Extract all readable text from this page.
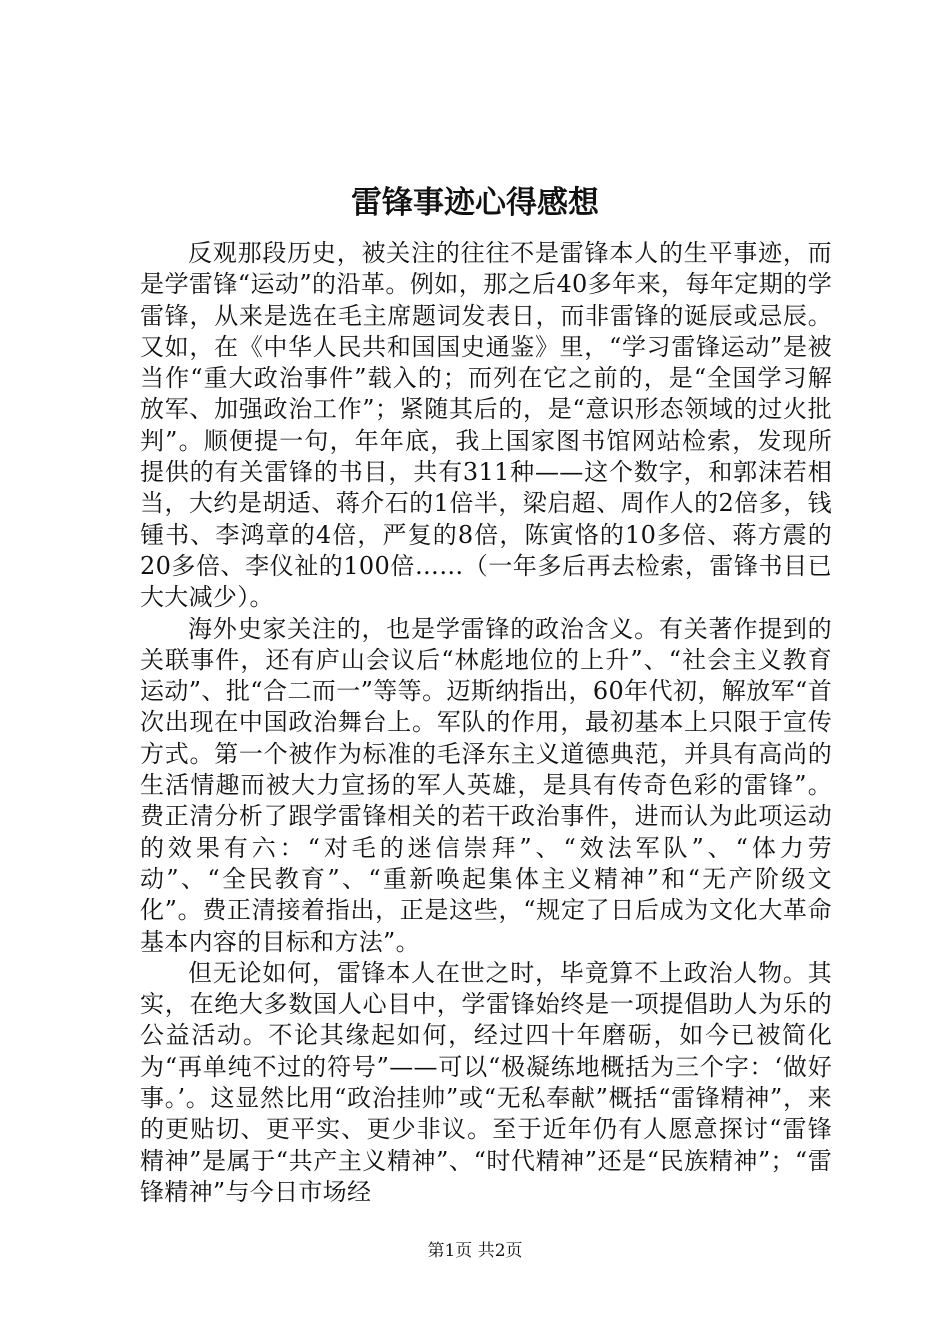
雷锋事迹心得感想

反观那段历史，被关注的往往不是雷锋本人的生平事迹，而是学雷锋“运动”的沿革。例如，那之后40多年来，每年定期的学雷锋，从来是选在毛主席题词发表日，而非雷锋的诞辰或忌辰。又如，在《中华人民共和国国史通鉴》里，“学习雷锋运动”是被当作“重大政治事件”载入的；而列在它之前的，是“全国学习解放军、加强政治工作”；紧随其后的，是“意识形态领域的过火批判”。顺便提一句，年年底，我上国家图书馆网站检索，发现所提供的有关雷锋的书目，共有311种——这个数字，和郭沫若相当，大约是胡适、蒋介石的1倍半，梁启超、周作人的2倍多，钱锺书、李鸿章的4倍，严复的8倍，陈寅恪的10多倍、蒋方震的20多倍、李仪祉的100倍……（一年多后再去检索，雷锋书目已大大减少）。

海外史家关注的，也是学雷锋的政治含义。有关著作提到的关联事件，还有庐山会议后“林彪地位的上升”、“社会主义教育运动”、批“合二而一”等等。迈斯纳指出，60年代初，解放军“首次出现在中国政治舞台上。军队的作用，最初基本上只限于宣传方式。第一个被作为标准的毛泽东主义道德典范，并具有高尚的生活情趣而被大力宣扬的军人英雄，是具有传奇色彩的雷锋”。费正清分析了跟学雷锋相关的若干政治事件，进而认为此项运动的效果有六：“对毛的迷信崇拜”、“效法军队”、“体力劳动”、“全民教育”、“重新唤起集体主义精神”和“无产阶级文化”。费正清接着指出，正是这些，“规定了日后成为文化大革命基本内容的目标和方法”。

但无论如何，雷锋本人在世之时，毕竟算不上政治人物。其实，在绝大多数国人心目中，学雷锋始终是一项提倡助人为乐的公益活动。不论其缘起如何，经过四十年磨砺，如今已被简化为“再单纯不过的符号”——可以“极凝练地概括为三个字：‘做好事。’。这显然比用“政治挂帅”或“无私奉献”概括“雷锋精神”，来的更贴切、更平实、更少非议。至于近年仍有人愿意探讨“雷锋精神”是属于“共产主义精神”、“时代精神”还是“民族精神”；“雷锋精神”与今日市场经

第1页 共2页
